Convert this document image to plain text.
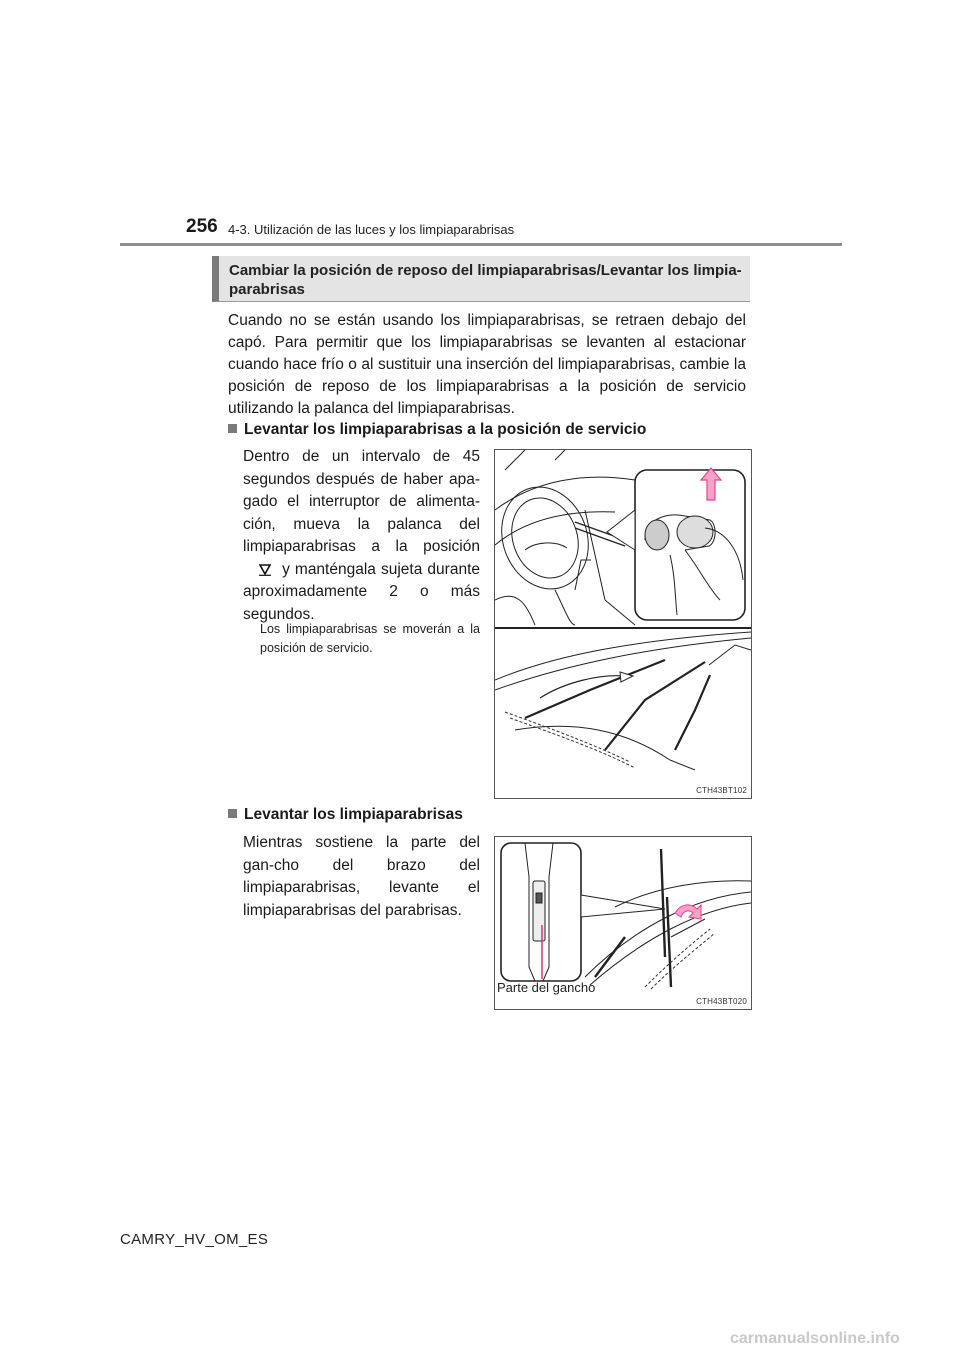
256 4-3. Utilización de las luces y los limpiaparabrisas
Cambiar la posición de reposo del limpiaparabrisas/Levantar los limpia-parabrisas
Cuando no se están usando los limpiaparabrisas, se retraen debajo del capó. Para permitir que los limpiaparabrisas se levanten al estacionar cuando hace frío o al sustituir una inserción del limpiaparabrisas, cambie la posición de reposo de los limpiaparabrisas a la posición de servicio utilizando la palanca del limpiaparabrisas.
Levantar los limpiaparabrisas a la posición de servicio
Dentro de un intervalo de 45 segundos después de haber apa-gado el interruptor de alimenta-ción, mueva la palanca del limpiaparabrisas a la posición  y manténgala sujeta durante aproximadamente 2 o más segundos.
Los limpiaparabrisas se moverán a la posición de servicio.
CTH43BT102
Levantar los limpiaparabrisas
Mientras sostiene la parte del gan-cho del brazo del limpiaparabrisas, levante el limpiaparabrisas del parabrisas.
Parte del gancho
CTH43BT020
CAMRY_HV_OM_ES
carmanualsonline.info
